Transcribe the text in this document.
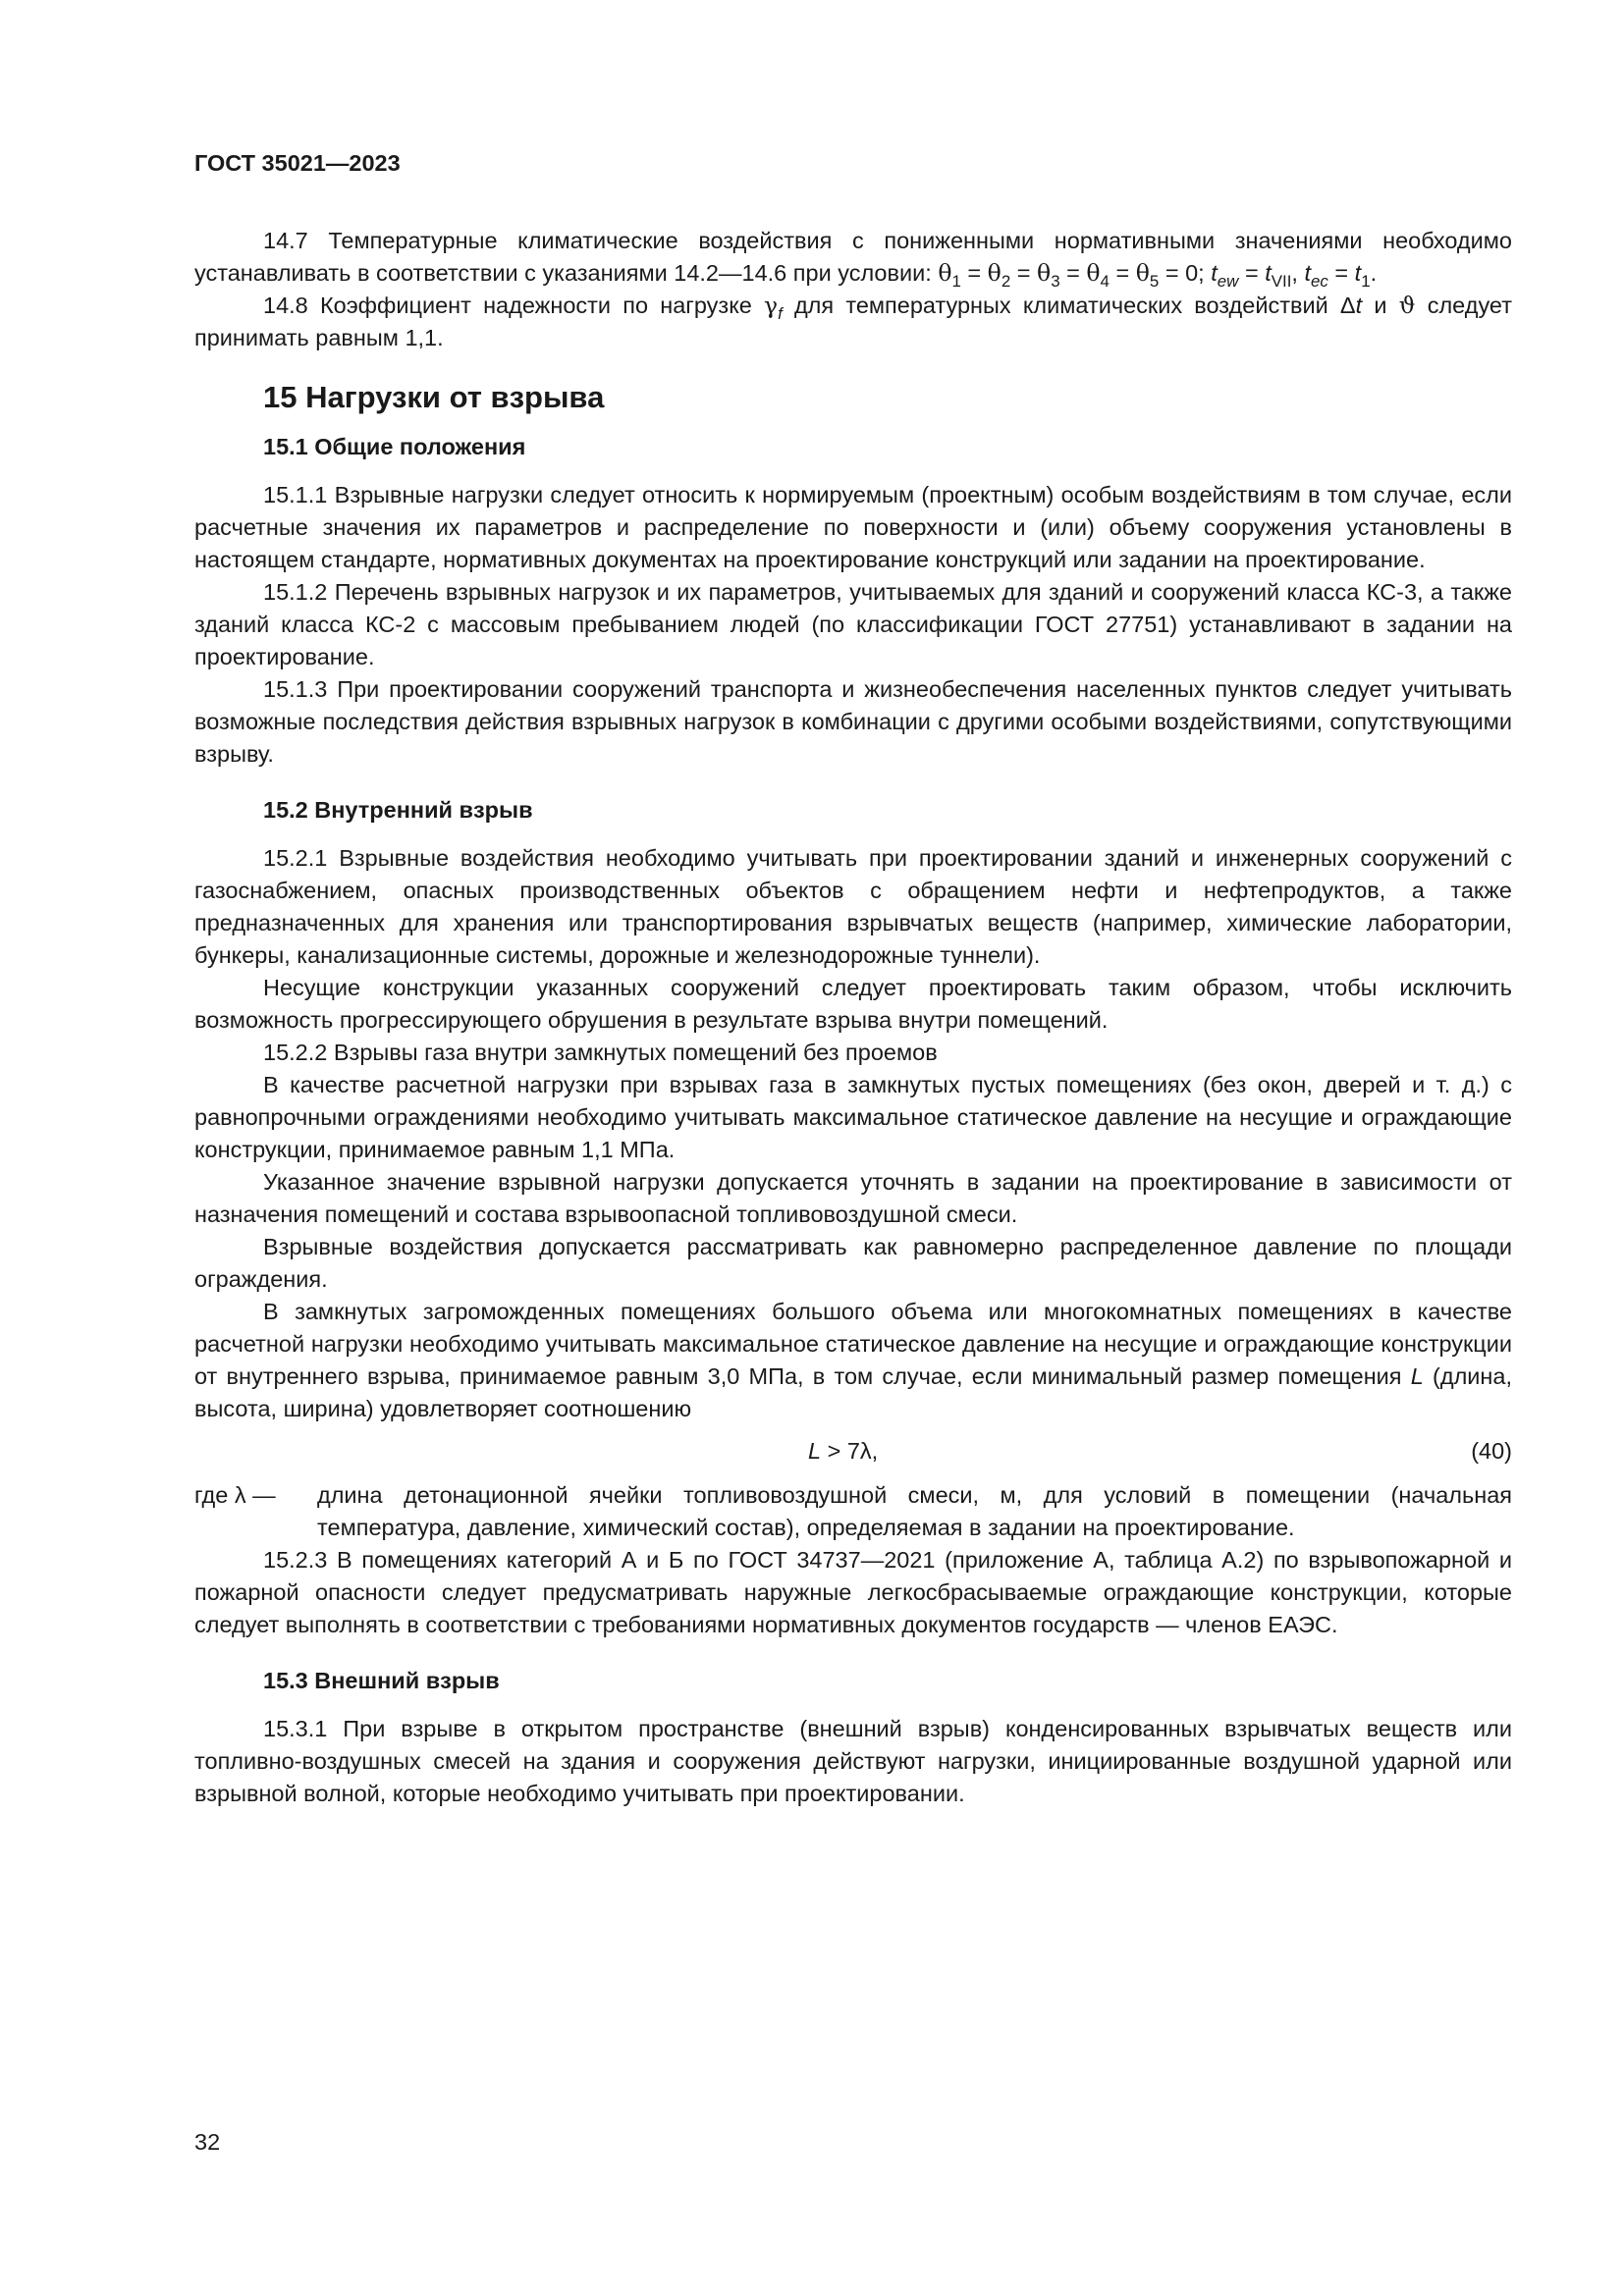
ГОСТ 35021—2023

14.7 Температурные климатические воздействия с пониженными нормативными значениями необходимо устанавливать в соответствии с указаниями 14.2—14.6 при условии: $\theta_1 = \theta_2 = \theta_3 = \theta_4 = \theta_5 = 0$; $t_{ew} = t_{VII}$, $t_{ec} = t_1$.

14.8 Коэффициент надежности по нагрузке $\gamma_f$ для температурных климатических воздействий Δt и ϑ следует принимать равным 1,1.

15 Нагрузки от взрыва
15.1 Общие положения

15.1.1 Взрывные нагрузки следует относить к нормируемым (проектным) особым воздействиям в том случае, если расчетные значения их параметров и распределение по поверхности и (или) объему сооружения установлены в настоящем стандарте, нормативных документах на проектирование конструкций или задании на проектирование.

15.1.2 Перечень взрывных нагрузок и их параметров, учитываемых для зданий и сооружений класса КС-3, а также зданий класса КС-2 с массовым пребыванием людей (по классификации ГОСТ 27751) устанавливают в задании на проектирование.

15.1.3 При проектировании сооружений транспорта и жизнеобеспечения населенных пунктов следует учитывать возможные последствия действия взрывных нагрузок в комбинации с другими особыми воздействиями, сопутствующими взрыву.

15.2 Внутренний взрыв

15.2.1 Взрывные воздействия необходимо учитывать при проектировании зданий и инженерных сооружений с газоснабжением, опасных производственных объектов с обращением нефти и нефтепродуктов, а также предназначенных для хранения или транспортирования взрывчатых веществ (например, химические лаборатории, бункеры, канализационные системы, дорожные и железнодорожные туннели).

Несущие конструкции указанных сооружений следует проектировать таким образом, чтобы исключить возможность прогрессирующего обрушения в результате взрыва внутри помещений.

15.2.2 Взрывы газа внутри замкнутых помещений без проемов

В качестве расчетной нагрузки при взрывах газа в замкнутых пустых помещениях (без окон, дверей и т. д.) с равнопрочными ограждениями необходимо учитывать максимальное статическое давление на несущие и ограждающие конструкции, принимаемое равным 1,1 МПа.

Указанное значение взрывной нагрузки допускается уточнять в задании на проектирование в зависимости от назначения помещений и состава взрывоопасной топливовоздушной смеси.

Взрывные воздействия допускается рассматривать как равномерно распределенное давление по площади ограждения.

В замкнутых загроможденных помещениях большого объема или многокомнатных помещениях в качестве расчетной нагрузки необходимо учитывать максимальное статическое давление на несущие и ограждающие конструкции от внутреннего взрыва, принимаемое равным 3,0 МПа, в том случае, если минимальный размер помещения L (длина, высота, ширина) удовлетворяет соотношению

L > 7λ,	(40)
где λ —	длина детонационной ячейки топливовоздушной смеси, м, для условий в помещении (начальная температура, давление, химический состав), определяемая в задании на проектирование.

15.2.3 В помещениях категорий А и Б по ГОСТ 34737—2021 (приложение А, таблица А.2) по взрывопожарной и пожарной опасности следует предусматривать наружные легкосбрасываемые ограждающие конструкции, которые следует выполнять в соответствии с требованиями нормативных документов государств — членов ЕАЭС.

15.3 Внешний взрыв

15.3.1 При взрыве в открытом пространстве (внешний взрыв) конденсированных взрывчатых веществ или топливно-воздушных смесей на здания и сооружения действуют нагрузки, инициированные воздушной ударной или взрывной волной, которые необходимо учитывать при проектировании.

32
